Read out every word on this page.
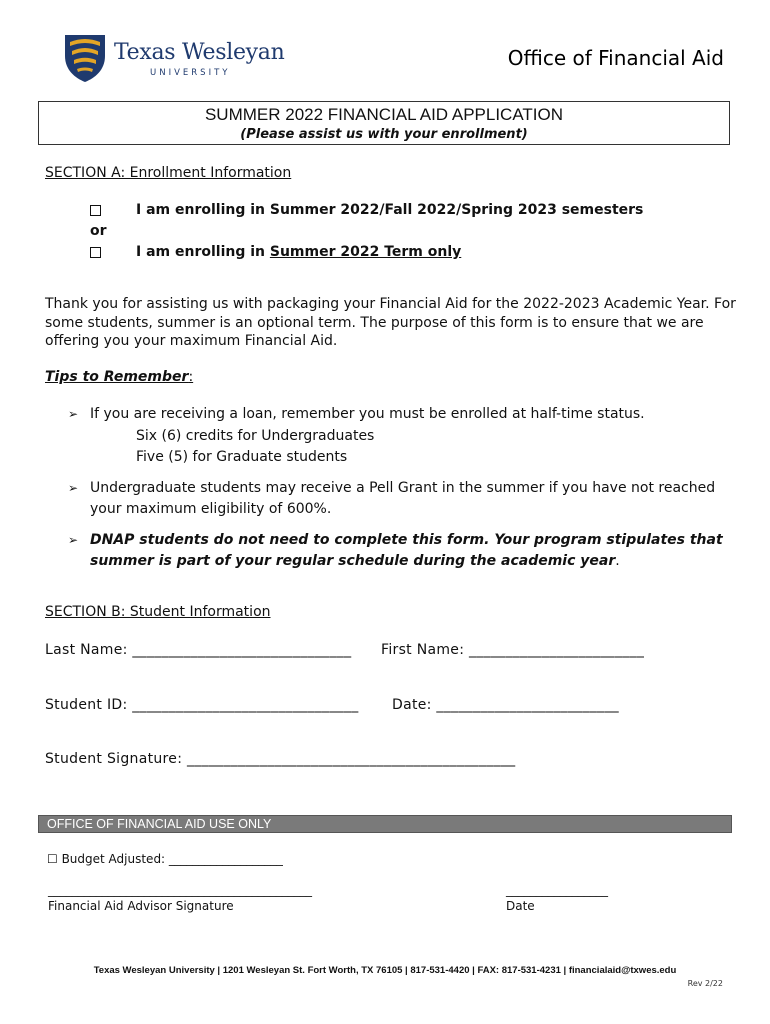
Texas Wesleyan
UNIVERSITY
Office of Financial Aid
SUMMER 2022 FINANCIAL AID APPLICATION
(Please assist us with your enrollment)
SECTION A: Enrollment Information
I am enrolling in Summer 2022/Fall 2022/Spring 2023 semesters
or
I am enrolling in Summer 2022 Term only
Thank you for assisting us with packaging your Financial Aid for the 2022-2023 Academic Year. For some students, summer is an optional term. The purpose of this form is to ensure that we are offering you your maximum Financial Aid.
Tips to Remember:
➢ If you are receiving a loan, remember you must be enrolled at half-time status.
Six (6) credits for Undergraduates
Five (5) for Graduate students
➢ Undergraduate students may receive a Pell Grant in the summer if you have not reached your maximum eligibility of 600%.
➢ DNAP students do not need to complete this form. Your program stipulates that summer is part of your regular schedule during the academic year.
SECTION B: Student Information
Last Name: ______________________________ First Name: ________________________
Student ID: _______________________________ Date: _________________________
Student Signature: _____________________________________________
OFFICE OF FINANCIAL AID USE ONLY
☐ Budget Adjusted: ___________________
____________________________________________
Financial Aid Advisor Signature
_________________
Date
Texas Wesleyan University | 1201 Wesleyan St. Fort Worth, TX 76105 | 817-531-4420 | FAX: 817-531-4231 | financialaid@txwes.edu
Rev 2/22
